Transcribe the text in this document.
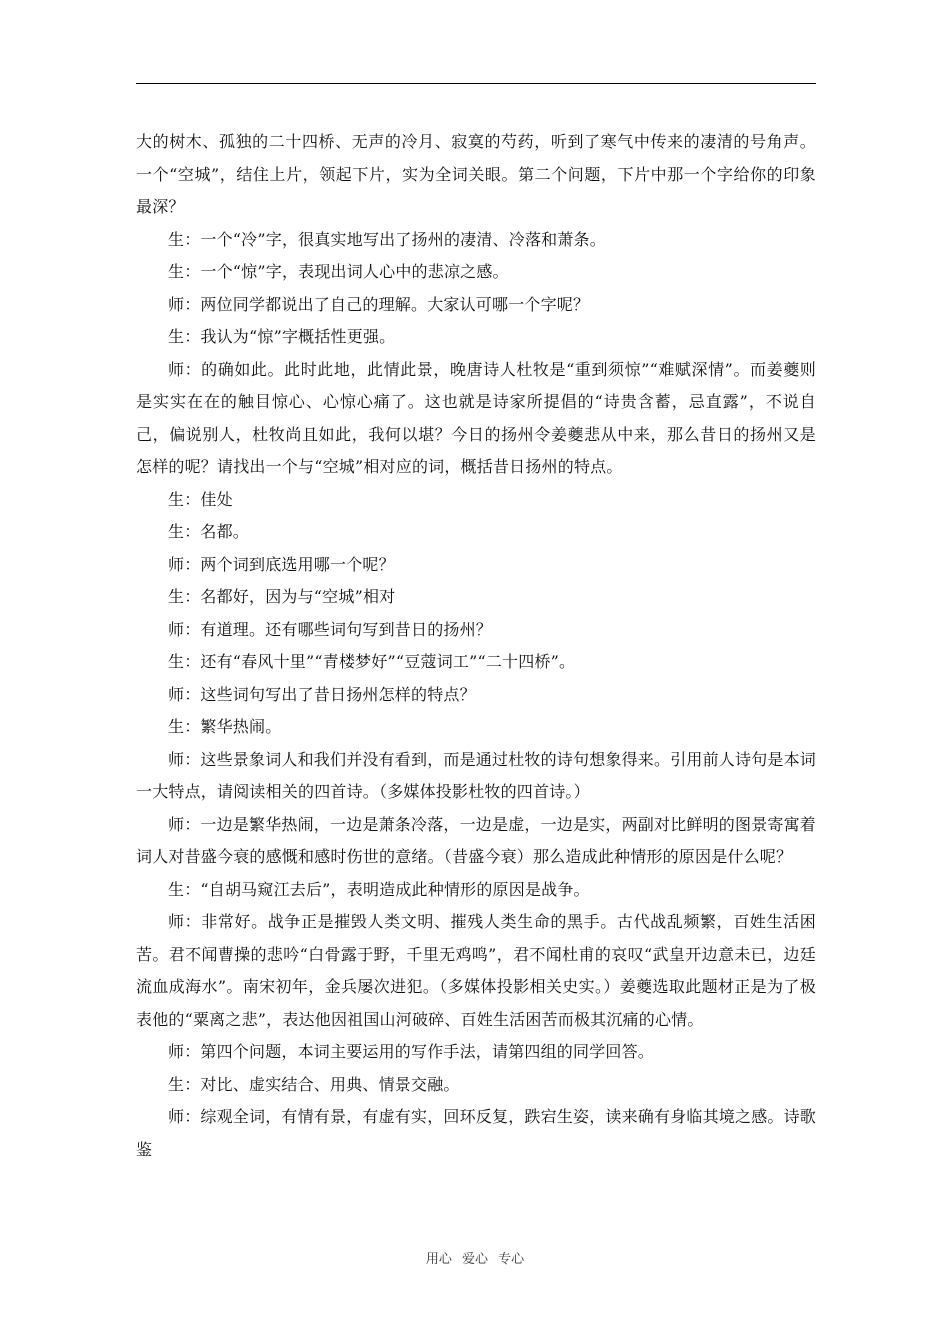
大的树木、孤独的二十四桥、无声的冷月、寂寞的芍药，听到了寒气中传来的凄清的号角声。一个“空城”，结住上片，领起下片，实为全词关眼。第二个问题，下片中那一个字给你的印象最深？

生：一个“冷”字，很真实地写出了扬州的凄清、冷落和萧条。

生：一个“惊”字，表现出词人心中的悲凉之感。

师：两位同学都说出了自己的理解。大家认可哪一个字呢？

生：我认为“惊”字概括性更强。

师：的确如此。此时此地，此情此景，晚唐诗人杜牧是“重到须惊”“难赋深情”。而姜夔则是实实在在的触目惊心、心惊心痛了。这也就是诗家所提倡的“诗贵含蓄，忌直露”，不说自己，偏说别人，杜牧尚且如此，我何以堪？今日的扬州令姜夔悲从中来，那么昔日的扬州又是怎样的呢？请找出一个与“空城”相对应的词，概括昔日扬州的特点。

生：佳处

生：名都。

师：两个词到底选用哪一个呢？

生：名都好，因为与“空城”相对

师：有道理。还有哪些词句写到昔日的扬州？

生：还有“春风十里”“青楼梦好”“豆蔻词工”“二十四桥”。

师：这些词句写出了昔日扬州怎样的特点？

生：繁华热闹。

师：这些景象词人和我们并没有看到，而是通过杜牧的诗句想象得来。引用前人诗句是本词一大特点，请阅读相关的四首诗。（多媒体投影杜牧的四首诗。）

师：一边是繁华热闹，一边是萧条冷落，一边是虚，一边是实，两副对比鲜明的图景寄寓着词人对昔盛今衰的感慨和感时伤世的意绪。（昔盛今衰）那么造成此种情形的原因是什么呢？

生：“自胡马窥江去后”，表明造成此种情形的原因是战争。

师：非常好。战争正是摧毁人类文明、摧残人类生命的黑手。古代战乱频繁，百姓生活困苦。君不闻曹操的悲吟“白骨露于野，千里无鸡鸣”，君不闻杜甫的哀叹“武皇开边意未已，边廷流血成海水”。南宋初年，金兵屡次进犯。（多媒体投影相关史实。）姜夔选取此题材正是为了极表他的“粟离之悲”，表达他因祖国山河破碎、百姓生活困苦而极其沉痛的心情。

师：第四个问题，本词主要运用的写作手法，请第四组的同学回答。

生：对比、虚实结合、用典、情景交融。

师：综观全词，有情有景，有虚有实，回环反复，跌宕生姿，读来确有身临其境之感。诗歌鉴

用心 爱心 专心
